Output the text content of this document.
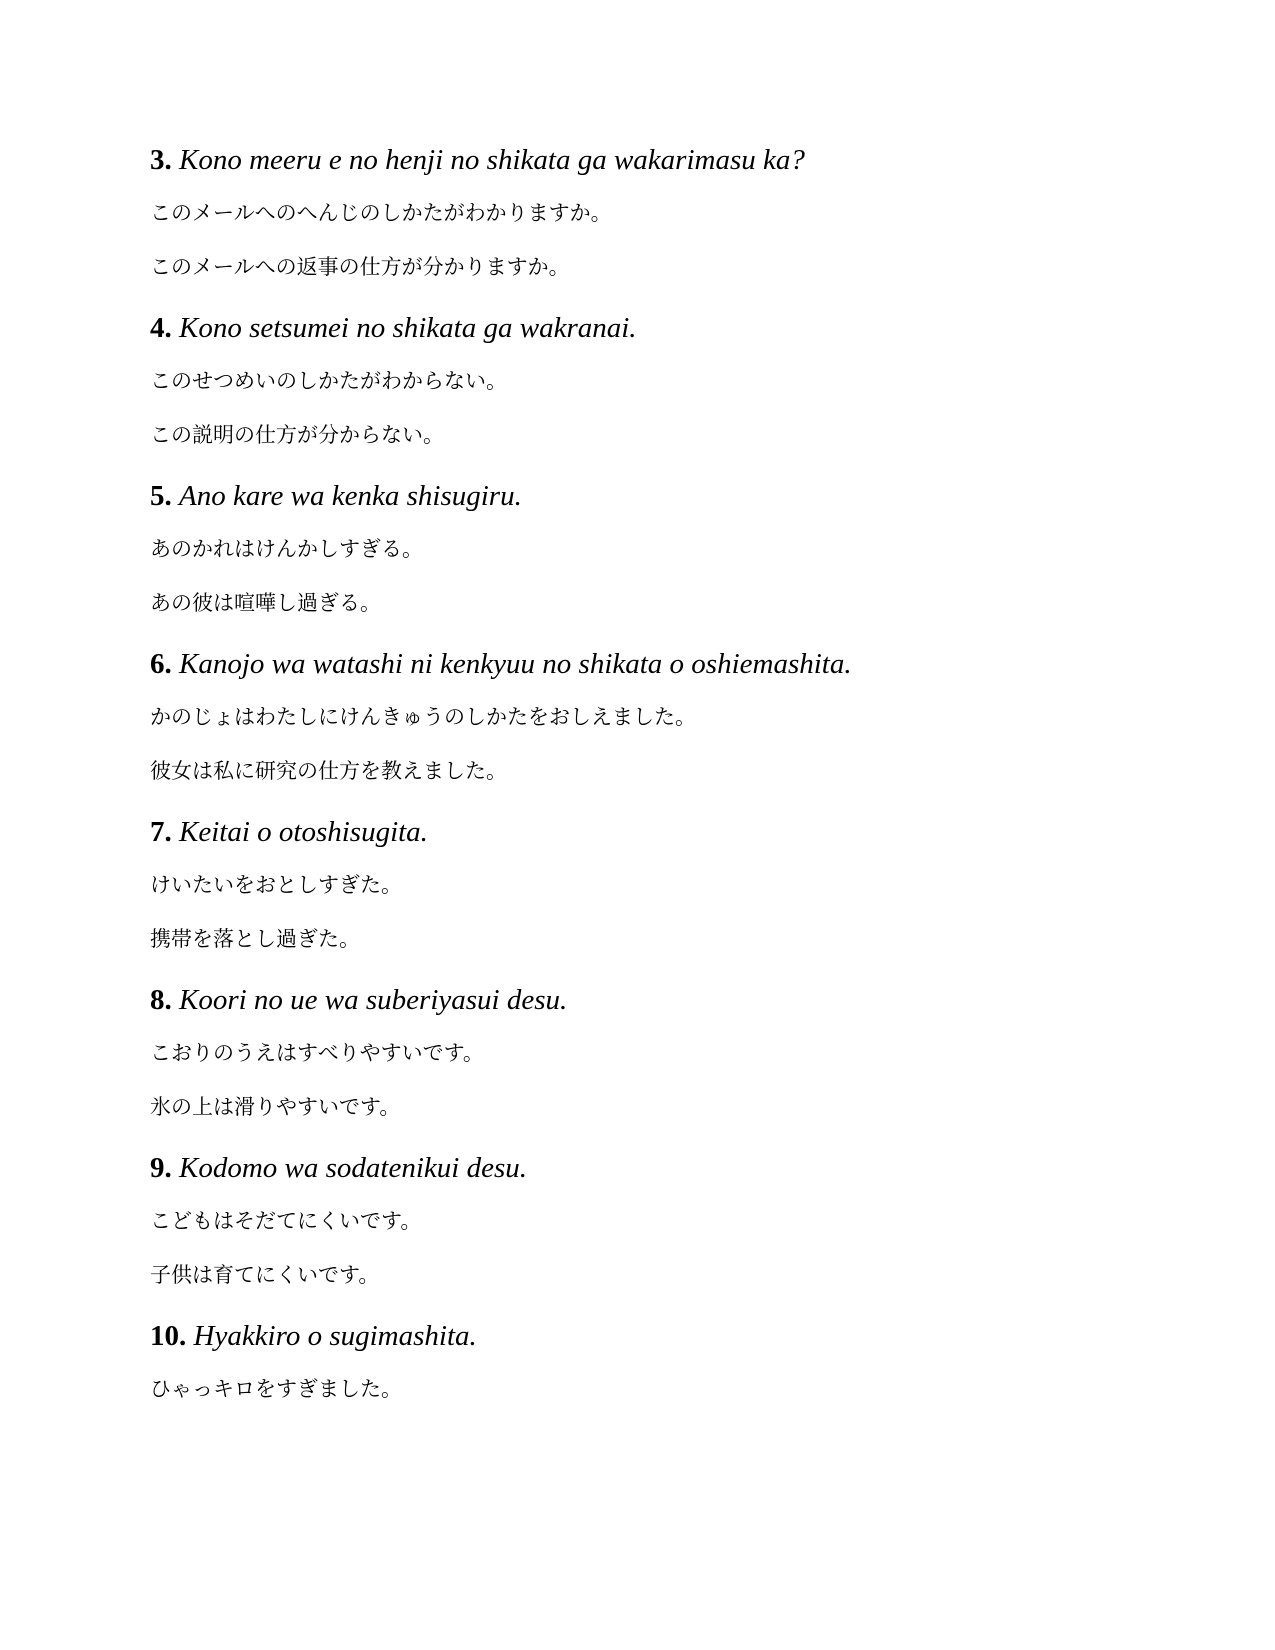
3. Kono meeru e no henji no shikata ga wakarimasu ka?
このメールへのへんじのしかたがわかりますか。
このメールへの返事の仕方が分かりますか。
4. Kono setsumei no shikata ga wakranai.
このせつめいのしかたがわからない。
この説明の仕方が分からない。
5. Ano kare wa kenka shisugiru.
あのかれはけんかしすぎる。
あの彼は喧嘩し過ぎる。
6. Kanojo wa watashi ni kenkyuu no shikata o oshiemashita.
かのじょはわたしにけんきゅうのしかたをおしえました。
彼女は私に研究の仕方を教えました。
7. Keitai o otoshisugita.
けいたいをおとしすぎた。
携帯を落とし過ぎた。
8. Koori no ue wa suberiyasui desu.
こおりのうえはすべりやすいです。
氷の上は滑りやすいです。
9. Kodomo wa sodatenikui desu.
こどもはそだてにくいです。
子供は育てにくいです。
10. Hyakkiro o sugimashita.
ひゃっキロをすぎました。
